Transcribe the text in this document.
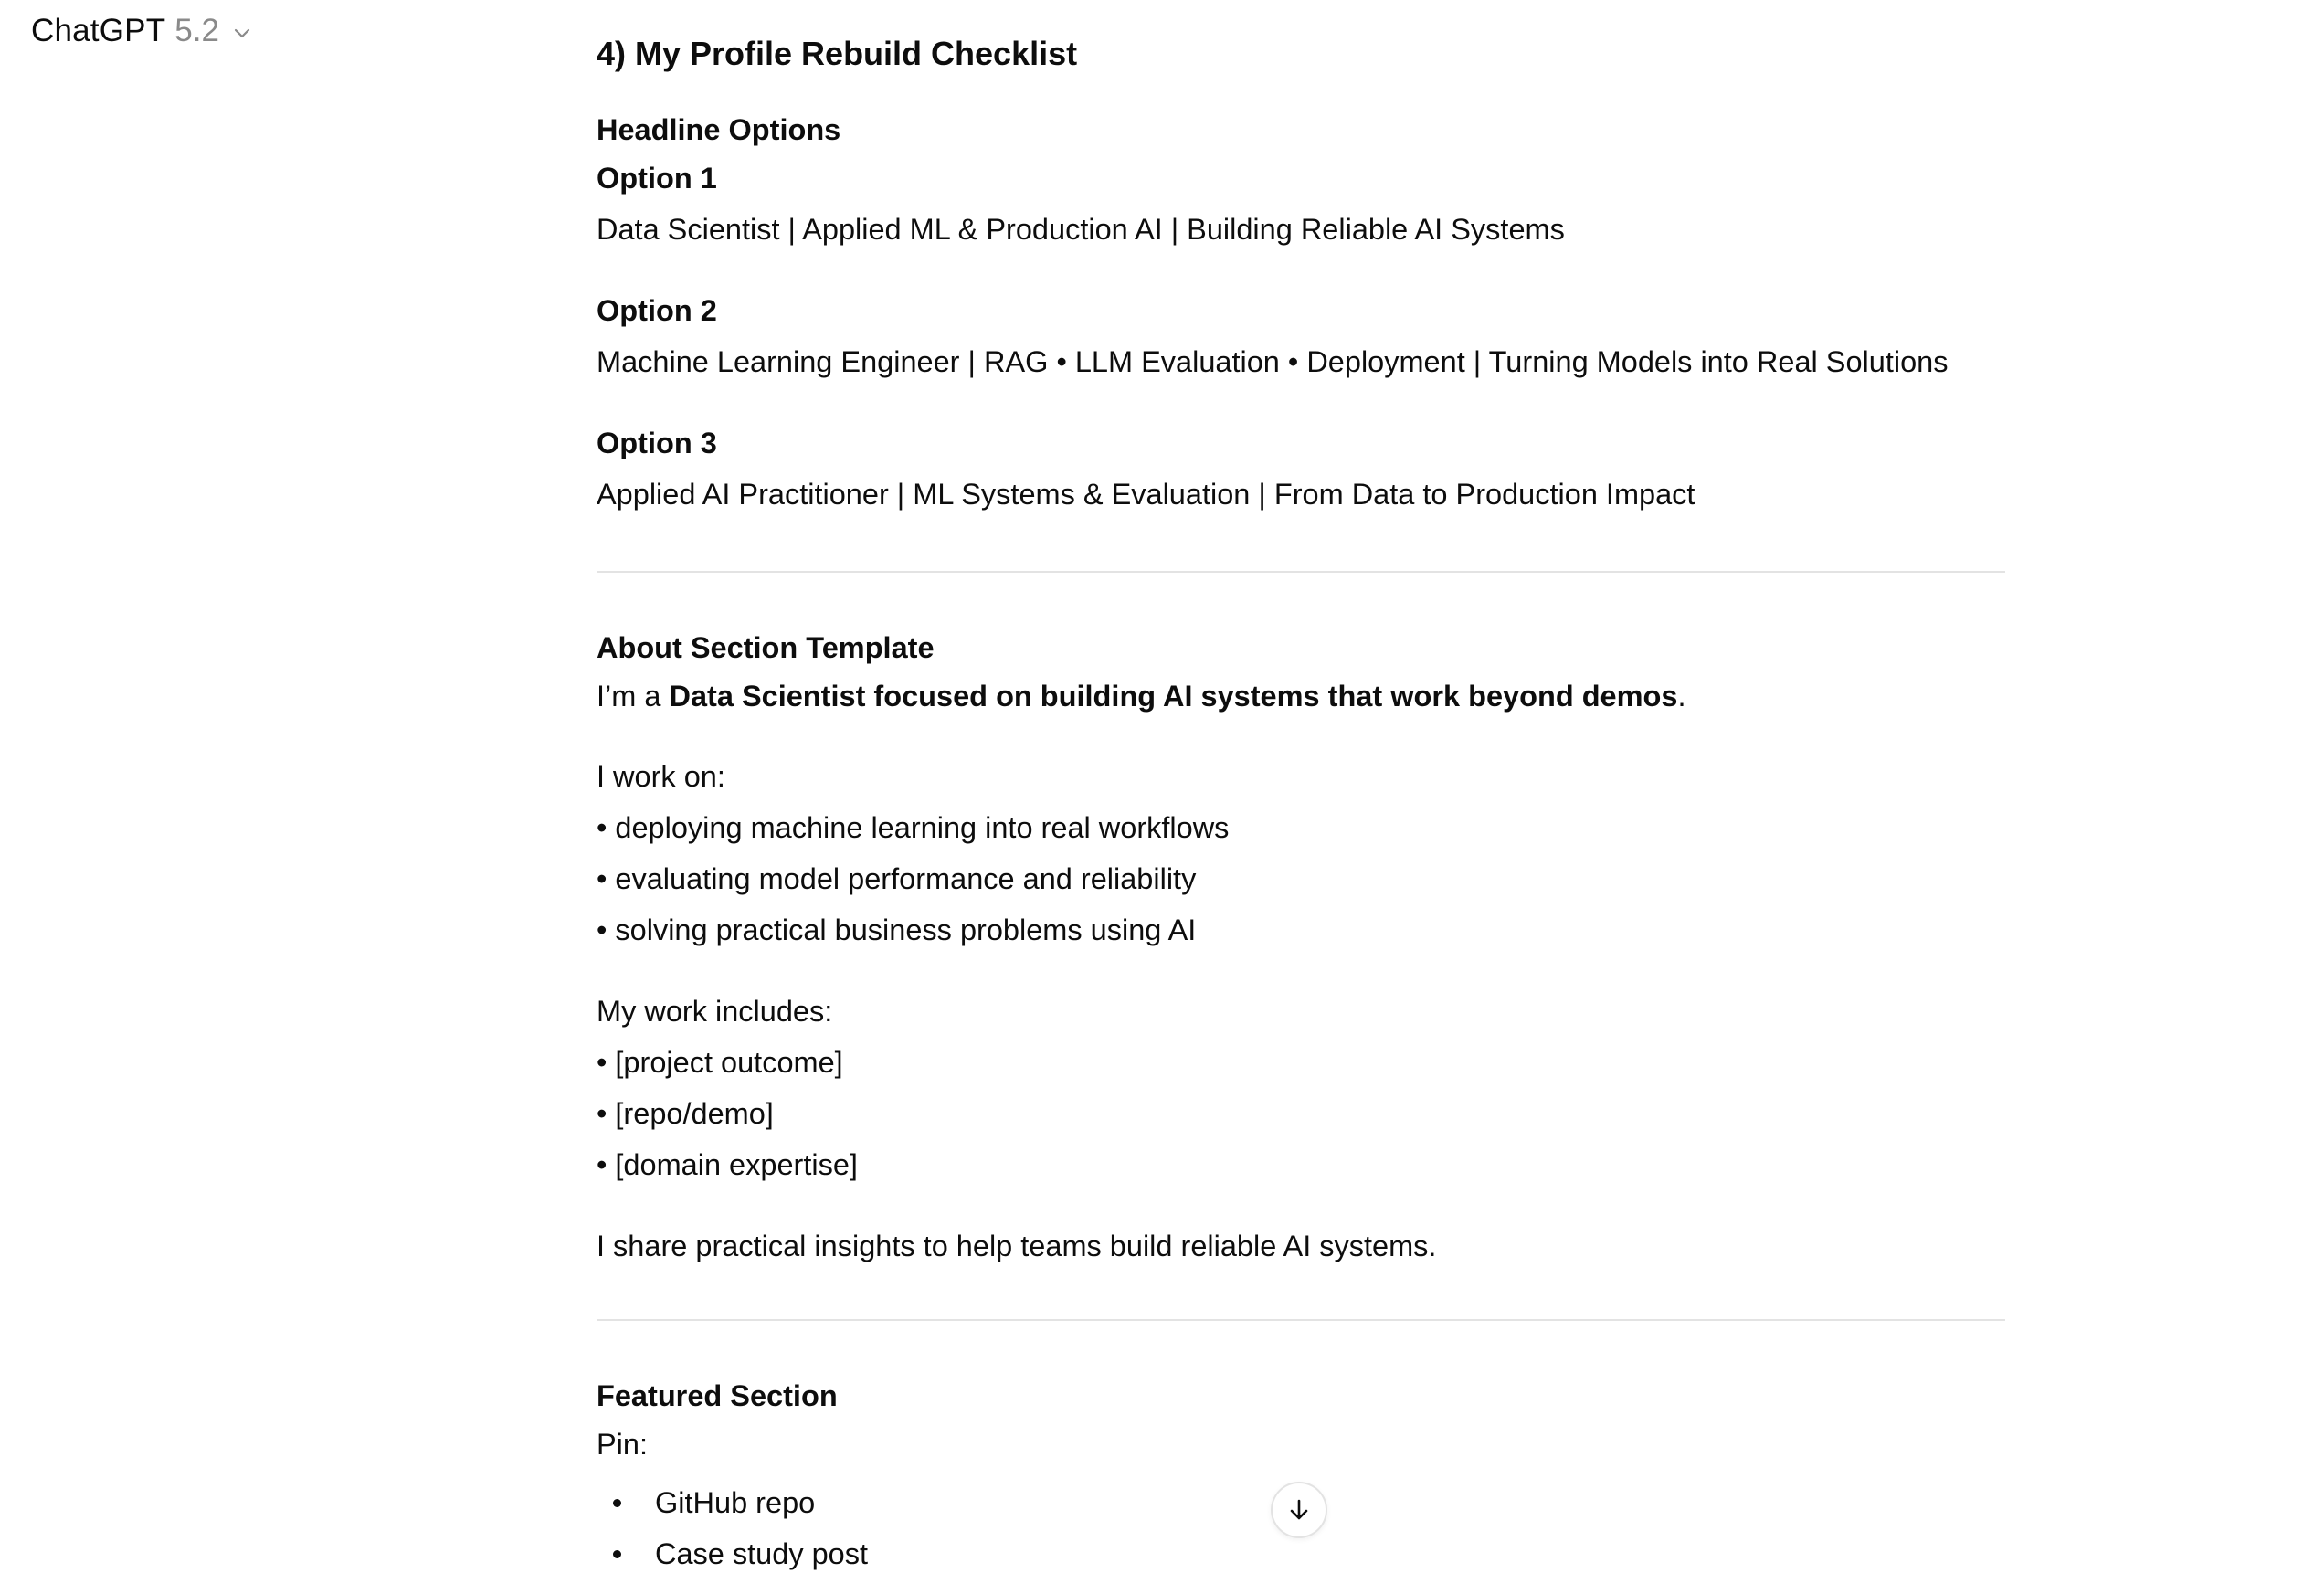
ChatGPT 5.2
4) My Profile Rebuild Checklist
Headline Options
Option 1
Data Scientist | Applied ML & Production AI | Building Reliable AI Systems
Option 2
Machine Learning Engineer | RAG • LLM Evaluation • Deployment | Turning Models into Real Solutions
Option 3
Applied AI Practitioner | ML Systems & Evaluation | From Data to Production Impact
About Section Template
I’m a Data Scientist focused on building AI systems that work beyond demos.
I work on:
• deploying machine learning into real workflows
• evaluating model performance and reliability
• solving practical business problems using AI
My work includes:
• [project outcome]
• [repo/demo]
• [domain expertise]
I share practical insights to help teams build reliable AI systems.
Featured Section
Pin:
GitHub repo
Case study post
